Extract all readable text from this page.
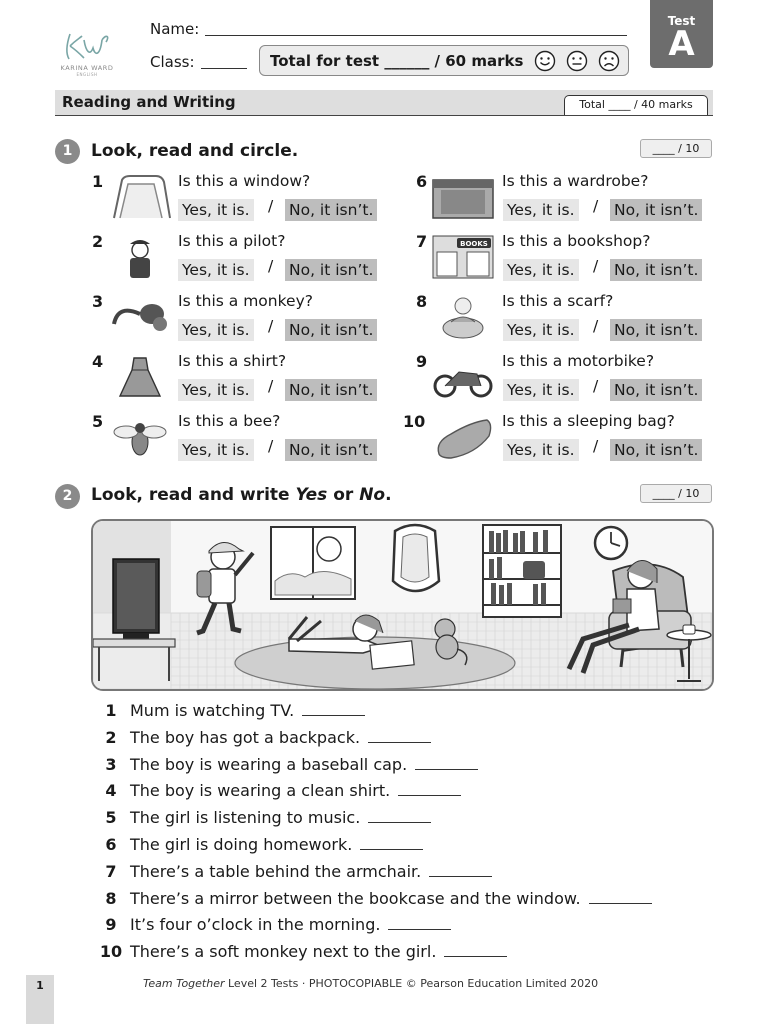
KARINA WARD
ENGLISH
Name:
Class:	Total for test ______ / 60 marks
Test
A
Reading and Writing	Total ____ / 40 marks
1	Look, read and circle.	____ / 10
1	Is this a window?
Yes, it is. / No, it isn’t.
2	Is this a pilot?
Yes, it is. / No, it isn’t.
3	Is this a monkey?
Yes, it is. / No, it isn’t.
4	Is this a shirt?
Yes, it is. / No, it isn’t.
5	Is this a bee?
Yes, it is. / No, it isn’t.
6	Is this a wardrobe?
Yes, it is. / No, it isn’t.
7	BOOKS Is this a bookshop?
Yes, it is. / No, it isn’t.
8	Is this a scarf?
Yes, it is. / No, it isn’t.
9	Is this a motorbike?
Yes, it is. / No, it isn’t.
10	Is this a sleeping bag?
Yes, it is. / No, it isn’t.
2	Look, read and write Yes or No.	____ / 10
1 Mum is watching TV.
2 The boy has got a backpack.
3 The boy is wearing a baseball cap.
4 The boy is wearing a clean shirt.
5 The girl is listening to music.
6 The girl is doing homework.
7 There’s a table behind the armchair.
8 There’s a mirror between the bookcase and the window.
9 It’s four o’clock in the morning.
10 There’s a soft monkey next to the girl.
1	Team Together Level 2 Tests · PHOTOCOPIABLE © Pearson Education Limited 2020
